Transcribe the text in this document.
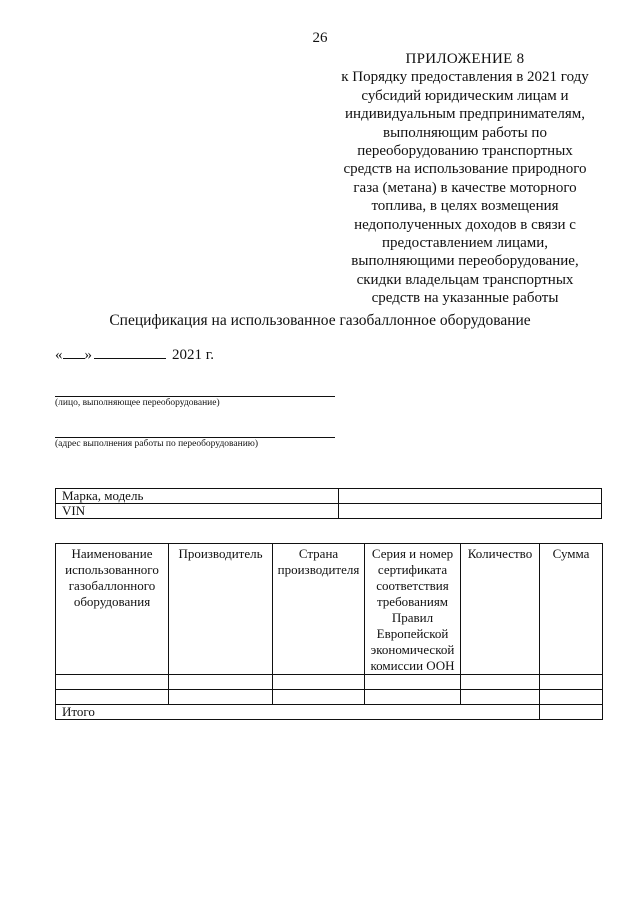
26
ПРИЛОЖЕНИЕ 8
к Порядку предоставления в 2021 году
субсидий юридическим лицам и
индивидуальным предпринимателям,
выполняющим работы по
переоборудованию транспортных
средств на использование природного
газа (метана) в качестве моторного
топлива, в целях возмещения
недополученных доходов в связи с
предоставлением лицами,
выполняющими переоборудование,
скидки владельцам транспортных
средств на указанные работы
Спецификация на использованное газобаллонное оборудование
« »	2021 г.
(лицо, выполняющее переоборудование)
(адрес выполнения работы по переоборудованию)
Марка, модель	
VIN	
Наименование использованного газобаллонного оборудования	Производитель	Страна производителя	Серия и номер сертификата соответствия требованиям Правил Европейской экономической комиссии ООН	Количество	Сумма

Итого					
